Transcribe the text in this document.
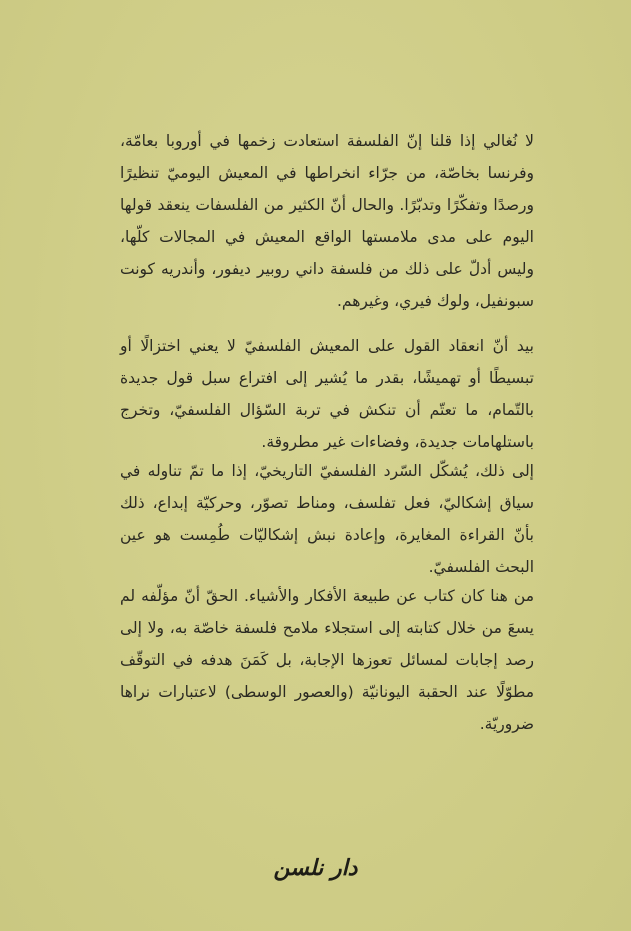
لا نُغالي إذا قلنا إنّ الفلسفة استعادت زخمها في أوروبا بعامّة، وفرنسا بخاصّة، من جرّاء انخراطها في المعيش اليوميّ تنظيرًا ورصدًا وتفكّرًا وتدبّرًا. والحال أنّ الكثير من الفلسفات ينعقد قولها اليوم على مدى ملامستها الواقع المعيش في المجالات كلّها، وليس أدلّ على ذلك من فلسفة داني روبير ديفور، وأندريه كونت سبونفيل، ولوك فيري، وغيرهم.

بيد أنّ انعقاد القول على المعيش الفلسفيّ لا يعني اختزالًا أو تبسيطًا أو تهميشًا، بقدر ما يُشير إلى افتراع سبل قول جديدة بالتّمام، ما تعتّم أن تنكش في تربة السّؤال الفلسفيّ، وتخرج باستلهامات جديدة، وفضاءات غير مطروقة.

إلى ذلك، يُشكّل السّرد الفلسفيّ التاريخيّ، إذا ما تمّ تناوله في سياق إشكاليّ، فعل تفلسف، ومناط تصوّر، وحركيّة إبداع، ذلك بأنّ القراءة المغايرة، وإعادة نبش إشكاليّات طُمِست هو عين البحث الفلسفيّ.

من هنا كان كتاب عن طبيعة الأفكار والأشياء. الحقّ أنّ مؤلّفه لم يسعَ من خلال كتابته إلى استجلاء ملامح فلسفة خاصّة به، ولا إلى رصد إجابات لمسائل تعوزها الإجابة، بل كَمَنَ هدفه في التوقّف مطوّلًا عند الحقبة اليونانيّة (والعصور الوسطى) لاعتبارات نراها ضروريّة.

دار نلسن
